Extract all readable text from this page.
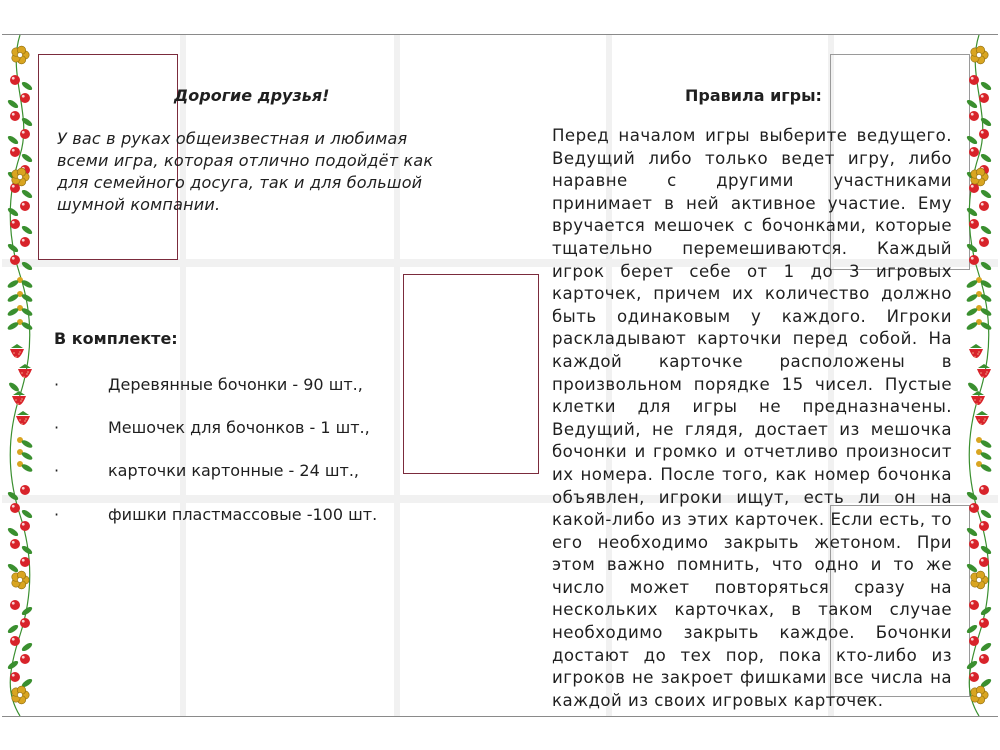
Дорогие друзья!
У вас в руках общеизвестная и любимая всеми игра, которая отлично подойдёт как для семейного досуга, так и для большой шумной компании.
В комплекте:
·	Деревянные бочонки - 90 шт.,
·	Мешочек для бочонков - 1 шт.,
·	карточки картонные - 24 шт.,
·	фишки пластмассовые -100 шт.
Правила игры:
Перед началом игры выберите ведущего. Ведущий либо только ведет игру, либо наравне с другими участниками принимает в ней активное участие. Ему вручается мешочек с бочонками, которые тщательно перемешиваются. Каждый игрок берет себе от 1 до 3 игровых карточек, причем их количество должно быть одинаковым у каждого. Игроки раскладывают карточки перед собой. На каждой карточке расположены в произвольном порядке 15 чисел. Пустые клетки для игры не предназначены. Ведущий, не глядя, достает из мешочка бочонки и громко и отчетливо произносит их номера. После того, как номер бочонка объявлен, игроки ищут, есть ли он на какой-либо из этих карточек. Если есть, то его необходимо закрыть жетоном. При этом важно помнить, что одно и то же число может повторяться сразу на нескольких карточках, в таком случае необходимо закрыть каждое. Бочонки достают до тех пор, пока кто-либо из игроков не закроет фишками все числа на каждой из своих игровых карточек.
